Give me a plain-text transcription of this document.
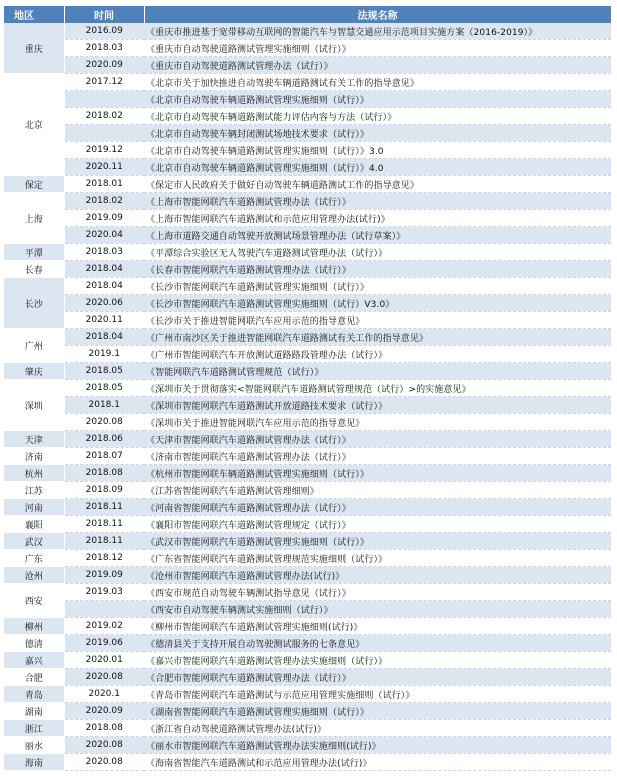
地区	时间	法规名称
重庆	2016.09	《重庆市推进基于宽带移动互联网的智能汽车与智慧交通应用示范项目实施方案（2016-2019）》
	2018.03	《重庆市自动驾驶道路测试管理实施细则（试行）》
	2020.09	《重庆市自动驾驶道路测试管理办法（试行）》
北京	2017.12	《北京市关于加快推进自动驾驶车辆道路测试有关工作的指导意见》
		《北京市自动驾驶车辆道路测试管理实施细则（试行）》
	2018.02	《北京市自动驾驶车辆道路测试能力评估内容与方法（试行）》
		《北京市自动驾驶车辆封闭测试场地技术要求（试行）》
	2019.12	《北京市自动驾驶车辆道路测试管理实施细则（试行）》3.0
	2020.11	《北京市自动驾驶车辆道路测试管理实施细则（试行）》4.0
保定	2018.01	《保定市人民政府关于做好自动驾驶车辆道路测试工作的指导意见》
上海	2018.02	《上海市智能网联汽车道路测试管理办法（试行）》
	2019.09	《上海市智能网联汽车道路测试和示范应用管理办法(试行)》
	2020.04	《上海市道路交通自动驾驶开放测试场景管理办法（试行草案）》
平潭	2018.03	《平潭综合实验区无人驾驶汽车道路测试管理办法（试行）》
长春	2018.04	《长春市智能网联汽车道路测试管理办法（试行）》
长沙	2018.04	《长沙市智能网联汽车道路测试管理实施细则（试行）》
	2020.06	《长沙市智能网联汽车道路测试管理实施细则（试行）V3.0》
	2020.11	《长沙市关于推进智能网联汽车应用示范的指导意见》
广州	2018.04	《广州市南沙区关于推进智能网联汽车道路测试有关工作的指导意见》
	2019.1	《广州市智能网联汽车开放测试道路路段管理办法（试行）》
肇庆	2018.05	《智能网联汽车道路测试管理规范（试行）》
深圳	2018.05	《深圳市关于贯彻落实<智能网联汽车道路测试管理规范（试行）>的实施意见》
	2018.1	《深圳市智能网联汽车道路测试开放道路技术要求（试行）》
	2020.08	《深圳市关于推进智能网联汽车应用示范的指导意见》
天津	2018.06	《天津市智能网联汽车道路测试管理办法（试行）》
济南	2018.07	《济南市智能网联汽车道路测试管理办法（试行）》
杭州	2018.08	《杭州市智能网联车辆道路测试管理实施细则（试行）》
江苏	2018.09	《江苏省智能网联汽车道路测试管理细则》
河南	2018.11	《河南省智能网联汽车道路测试管理办法（试行）》
襄阳	2018.11	《襄阳市智能网联汽车道路测试管理规定（试行）》
武汉	2018.11	《武汉市智能网联汽车道路测试管理实施细则（试行）》
广东	2018.12	《广东省智能网联汽车道路测试管理规范实施细则（试行）》
沧州	2019.09	《沧州市智能网联汽车道路测试管理办法(试行)》
西安	2019.03	《西安市规范自动驾驶车辆测试指导意见（试行）》
		《西安市自动驾驶车辆测试实施细则（试行）》
柳州	2019.02	《柳州市智能网联汽车道路测试管理实施细则(试行)》
德清	2019.06	《德清县关于支持开展自动驾驶测试服务的七条意见》
嘉兴	2020.01	《嘉兴市智能网联汽车道路测试管理办法实施细则（试行）》
合肥	2020.08	《合肥市智能网联汽车道路测试管理办法（试行）》
青岛	2020.1	《青岛市智能网联汽车道路测试与示范应用管理实施细则（试行）》
湖南	2020.09	《湖南省智能网联汽车道路测试管理实施细则（试行）》
浙江	2018.08	《浙江省自动驾驶道路测试管理办法(试行)》
丽水	2020.08	《丽水市智能网联汽车道路测试管理办法实施细则(试行)》
海南	2020.08	《海南省智能汽车道路测试和示范应用管理办法(试行)》
